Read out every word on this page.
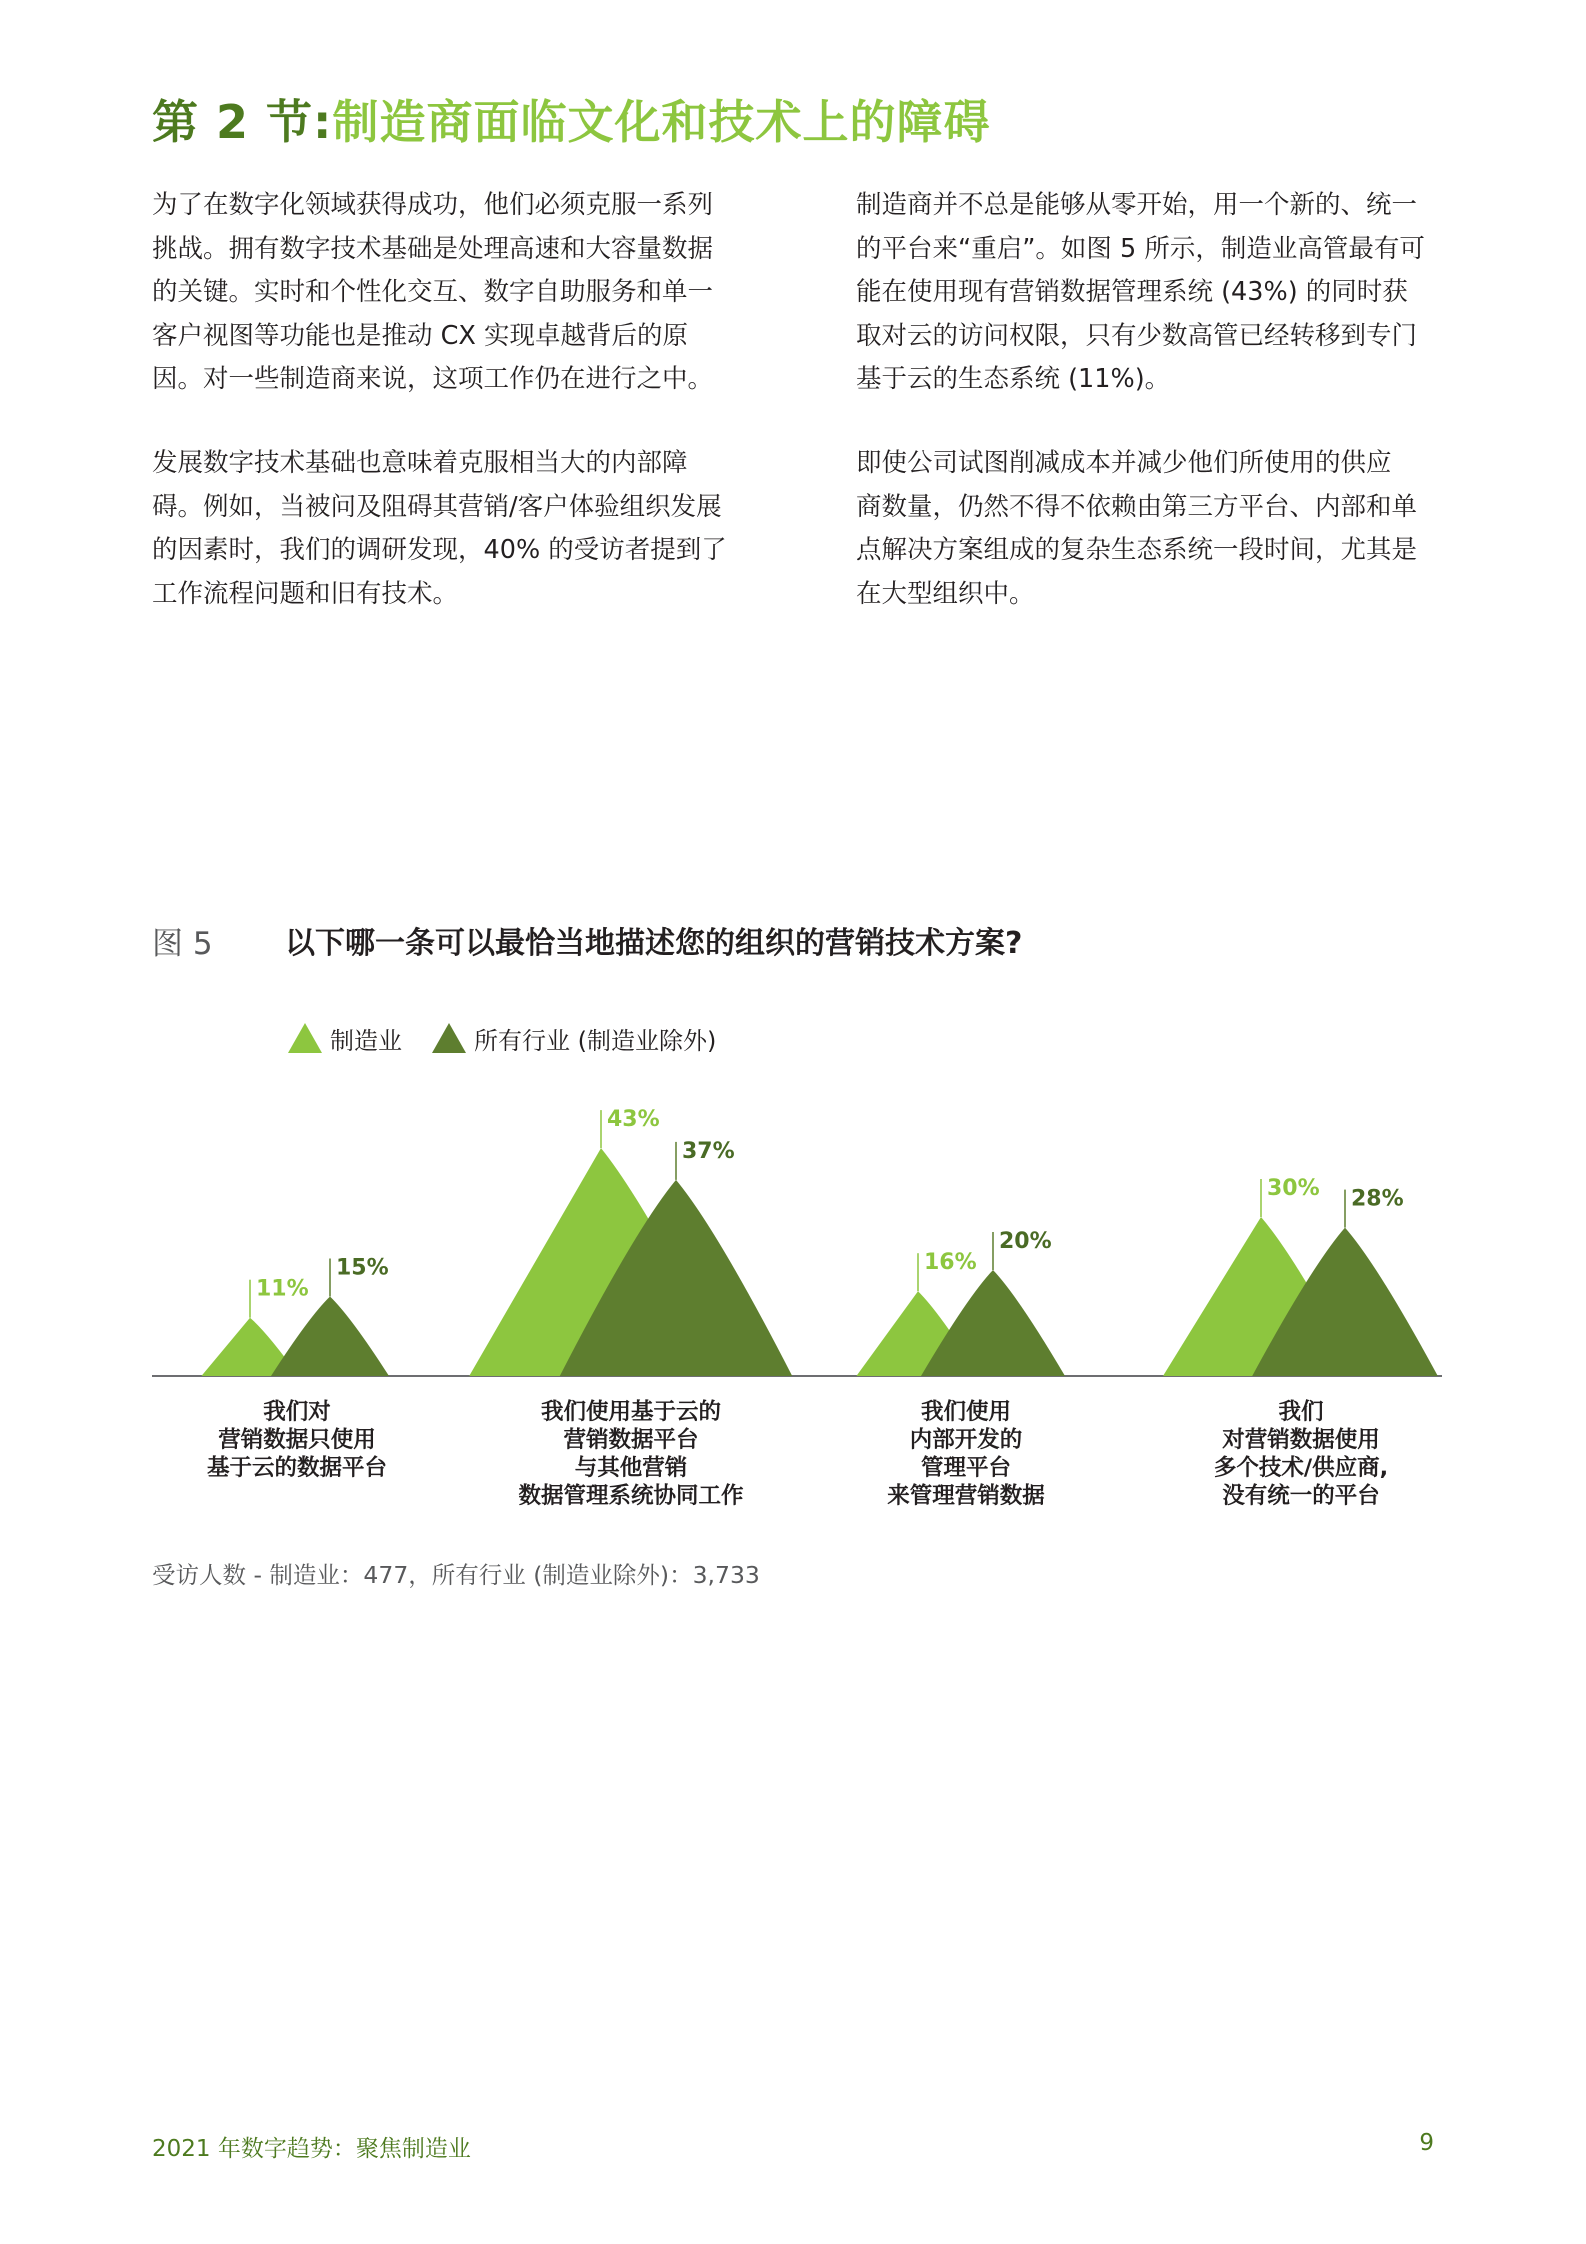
第 2 节:制造商面临文化和技术上的障碍

为了在数字化领域获得成功，他们必须克服一系列
挑战。拥有数字技术基础是处理高速和大容量数据
的关键。实时和个性化交互、数字自助服务和单一
客户视图等功能也是推动 CX 实现卓越背后的原
因。对一些制造商来说，这项工作仍在进行之中。

发展数字技术基础也意味着克服相当大的内部障
碍。例如，当被问及阻碍其营销/客户体验组织发展
的因素时，我们的调研发现，40% 的受访者提到了
工作流程问题和旧有技术。

制造商并不总是能够从零开始，用一个新的、统一
的平台来“重启”。如图 5 所示，制造业高管最有可
能在使用现有营销数据管理系统 (43%) 的同时获
取对云的访问权限，只有少数高管已经转移到专门
基于云的生态系统 (11%)。

即使公司试图削减成本并减少他们所使用的供应
商数量，仍然不得不依赖由第三方平台、内部和单
点解决方案组成的复杂生态系统一段时间，尤其是
在大型组织中。

图 5 以下哪一条可以最恰当地描述您的组织的营销技术方案?
制造业	所有行业 (制造业除外)
11%
15%
43%
37%
16%
20%
30% 28%
我们对
营销数据只使用
基于云的数据平台
我们使用基于云的
营销数据平台
与其他营销
数据管理系统协同工作
我们使用
内部开发的
管理平台
来管理营销数据
我们
对营销数据使用
多个技术/供应商,
没有统一的平台
受访人数 - 制造业：477，所有行业 (制造业除外)：3,733
2021 年数字趋势：聚焦制造业	9
